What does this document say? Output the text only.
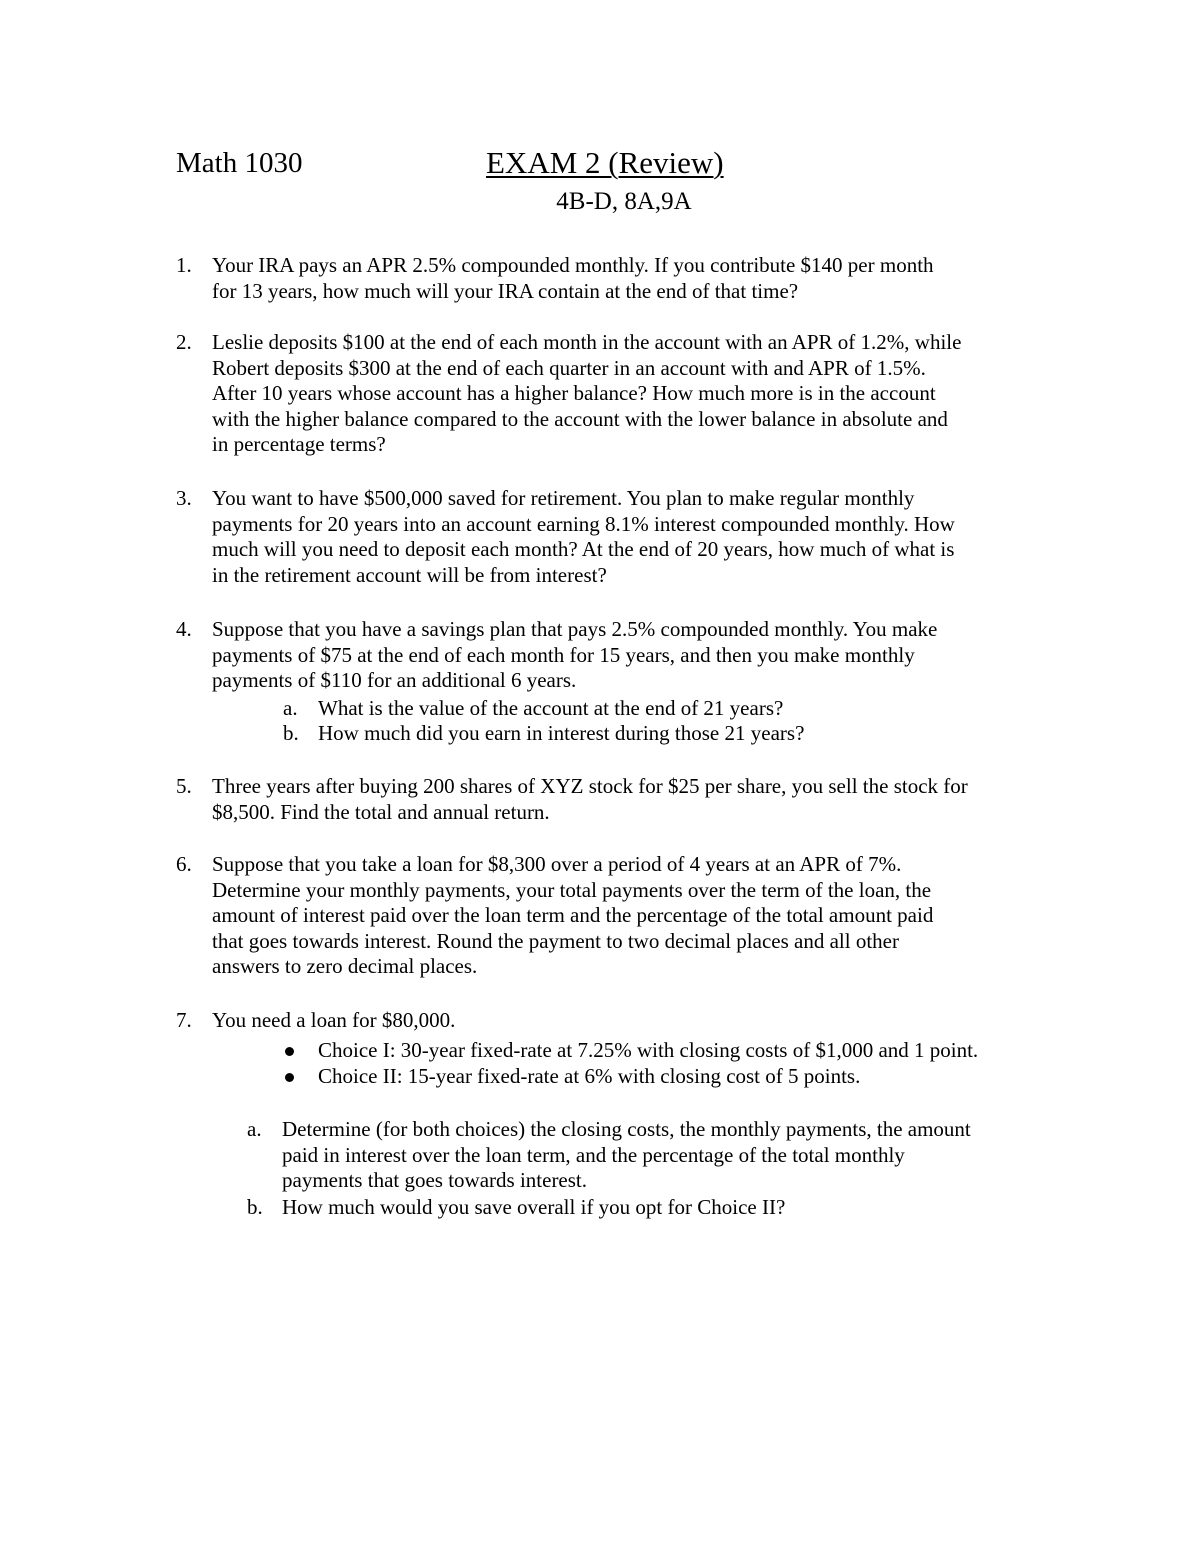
Math 1030	EXAM 2 (Review)
4B-D, 8A,9A
1. Your IRA pays an APR 2.5% compounded monthly. If you contribute $140 per month
for 13 years, how much will your IRA contain at the end of that time?
2. Leslie deposits $100 at the end of each month in the account with an APR of 1.2%, while
Robert deposits $300 at the end of each quarter in an account with and APR of 1.5%.
After 10 years whose account has a higher balance? How much more is in the account
with the higher balance compared to the account with the lower balance in absolute and
in percentage terms?
3. You want to have $500,000 saved for retirement. You plan to make regular monthly
payments for 20 years into an account earning 8.1% interest compounded monthly. How
much will you need to deposit each month? At the end of 20 years, how much of what is
in the retirement account will be from interest?
4. Suppose that you have a savings plan that pays 2.5% compounded monthly. You make
payments of $75 at the end of each month for 15 years, and then you make monthly
payments of $110 for an additional 6 years.
a. What is the value of the account at the end of 21 years?
b. How much did you earn in interest during those 21 years?
5. Three years after buying 200 shares of XYZ stock for $25 per share, you sell the stock for
$8,500. Find the total and annual return.
6. Suppose that you take a loan for $8,300 over a period of 4 years at an APR of 7%.
Determine your monthly payments, your total payments over the term of the loan, the
amount of interest paid over the loan term and the percentage of the total amount paid
that goes towards interest. Round the payment to two decimal places and all other
answers to zero decimal places.
7. You need a loan for $80,000.
Choice I: 30-year fixed-rate at 7.25% with closing costs of $1,000 and 1 point.
Choice II: 15-year fixed-rate at 6% with closing cost of 5 points.
a. Determine (for both choices) the closing costs, the monthly payments, the amount
paid in interest over the loan term, and the percentage of the total monthly
payments that goes towards interest.
b. How much would you save overall if you opt for Choice II?
